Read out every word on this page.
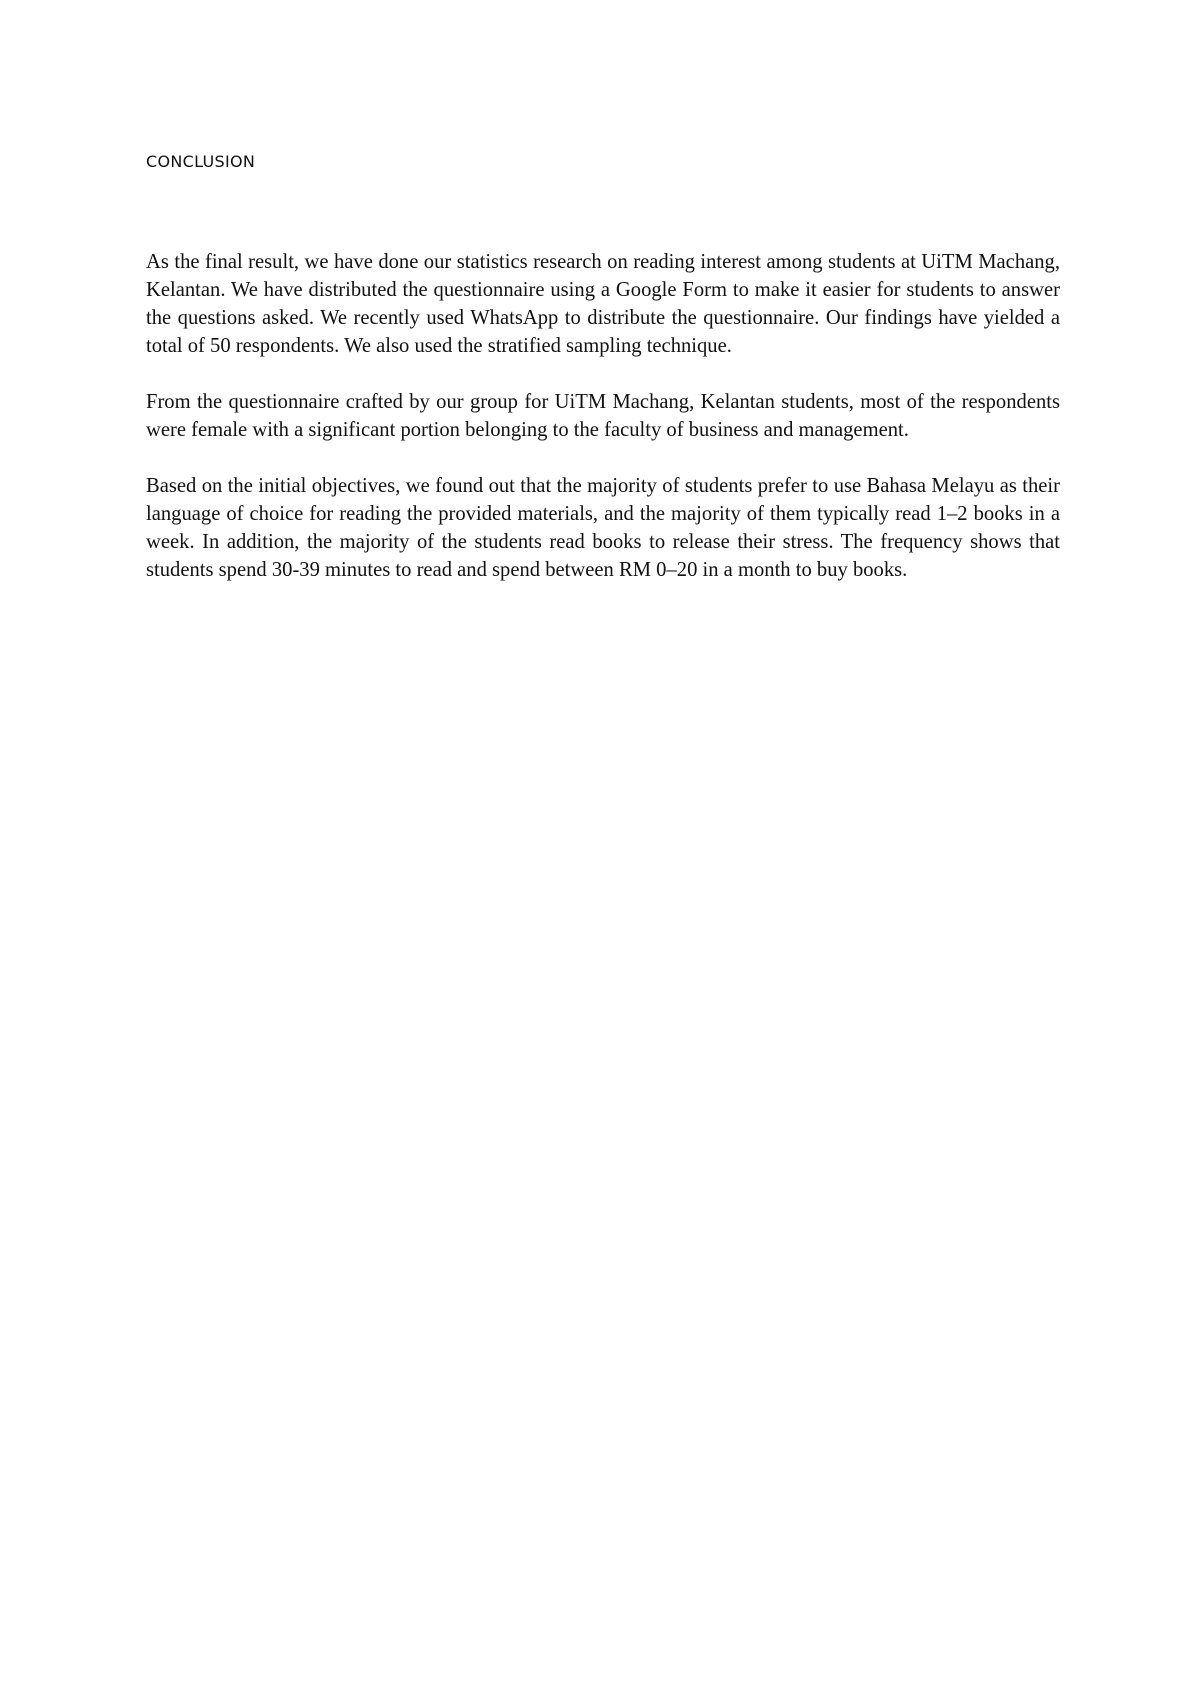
CONCLUSION

As the final result, we have done our statistics research on reading interest among students at UiTM Machang, Kelantan. We have distributed the questionnaire using a Google Form to make it easier for students to answer the questions asked. We recently used WhatsApp to distribute the questionnaire. Our findings have yielded a total of 50 respondents. We also used the stratified sampling technique.

From the questionnaire crafted by our group for UiTM Machang, Kelantan students, most of the respondents were female with a significant portion belonging to the faculty of business and management.

Based on the initial objectives, we found out that the majority of students prefer to use Bahasa Melayu as their language of choice for reading the provided materials, and the majority of them typically read 1–2 books in a week. In addition, the majority of the students read books to release their stress. The frequency shows that students spend 30-39 minutes to read and spend between RM 0–20 in a month to buy books.
